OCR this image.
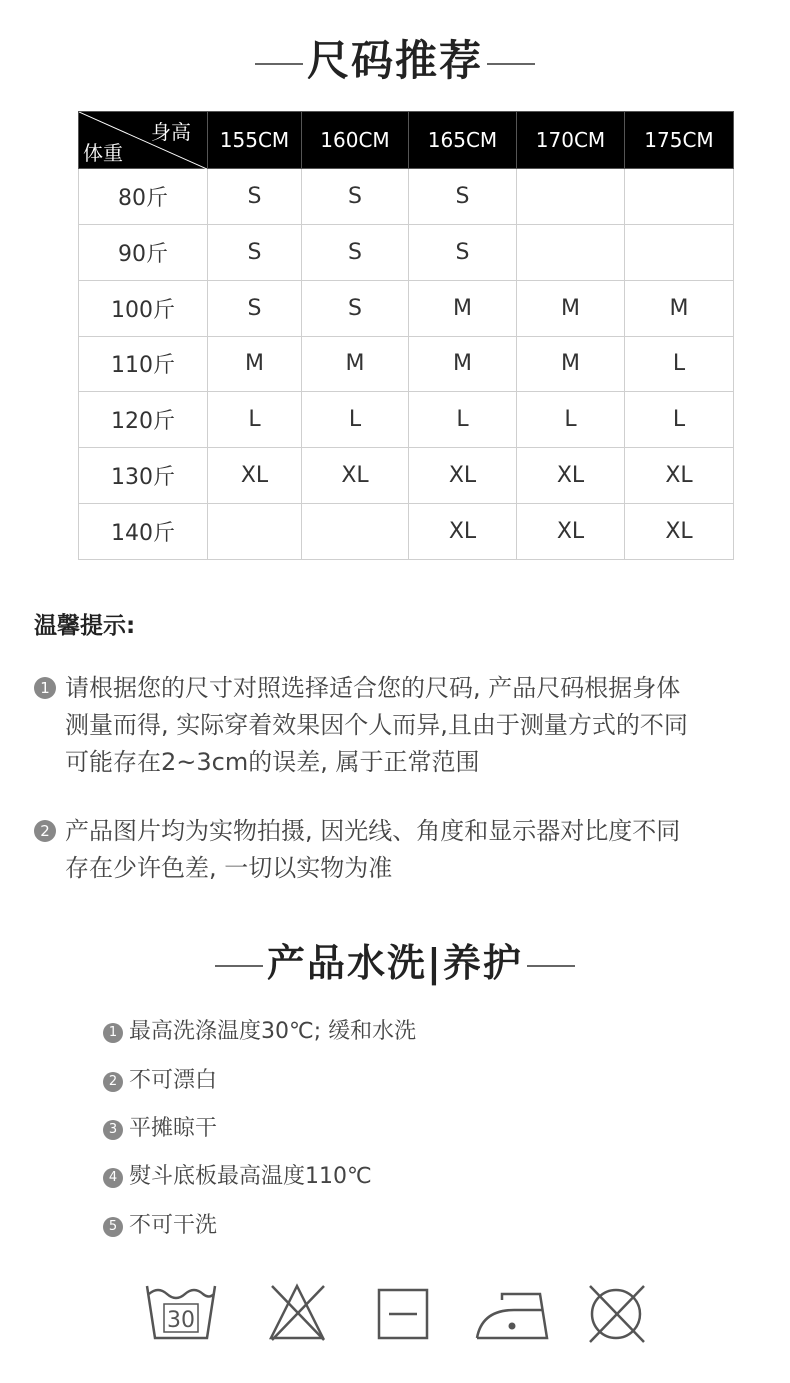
尺码推荐
身高
体重	155CM	160CM	165CM	170CM	175CM
80斤	S	S	S		
90斤	S	S	S		
100斤	S	S	M	M	M
110斤	M	M	M	M	L
120斤	L	L	L	L	L
130斤	XL	XL	XL	XL	XL
140斤			XL	XL	XL
温馨提示:
1 请根据您的尺寸对照选择适合您的尺码, 产品尺码根据身体
测量而得, 实际穿着效果因个人而异,且由于测量方式的不同
可能存在2~3cm的误差, 属于正常范围
2 产品图片均为实物拍摄, 因光线、角度和显示器对比度不同
存在少许色差, 一切以实物为准
产品水洗|养护
1 最高洗涤温度30℃; 缓和水洗
2 不可漂白
3 平摊晾干
4 熨斗底板最高温度110℃
5 不可干洗
30
